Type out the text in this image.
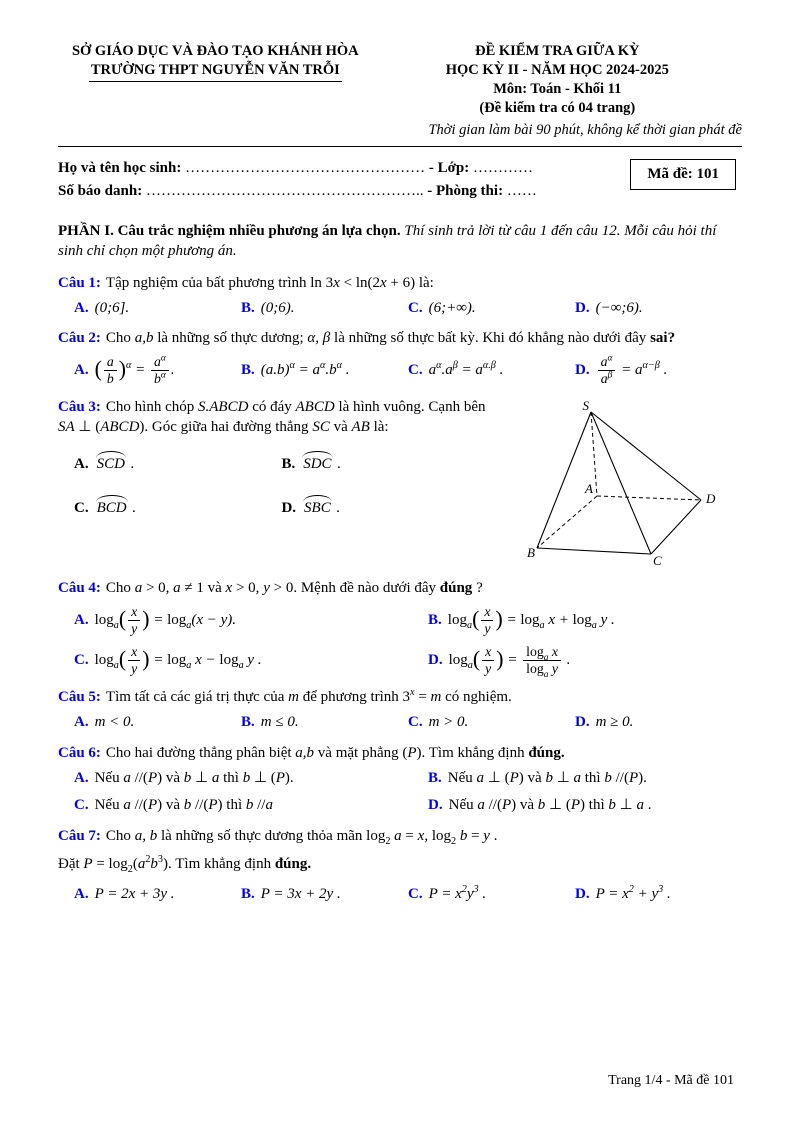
SỞ GIÁO DỤC VÀ ĐÀO TẠO KHÁNH HÒA
TRƯỜNG THPT NGUYỄN VĂN TRỖI
ĐỀ KIỂM TRA GIỮA KỲ
HỌC KỲ II - NĂM HỌC 2024-2025
Môn: Toán - Khối 11
(Đề kiểm tra có 04 trang)
Thời gian làm bài 90 phút, không kể thời gian phát đề

Họ và tên học sinh: ………………………………………… - Lớp: …………

Số báo danh: ……………………………………………….. - Phòng thi: ……

Mã đề: 101

PHẦN I. Câu trắc nghiệm nhiều phương án lựa chọn. Thí sinh trả lời từ câu 1 đến câu 12. Mỗi câu hỏi thí sinh chỉ chọn một phương án.

Câu 1: Tập nghiệm của bất phương trình ln 3x < ln(2x + 6) là:

A. (0;6].	B. (0;6).	C. (6;+∞).	D. (−∞;6).

Câu 2: Cho a,b là những số thực dương; α, β là những số thực bất kỳ. Khi đó khẳng nào dưới đây sai?

A. ( $\frac{a}{b} )^\alpha = \frac{a^\alpha}{b^\alpha}$ .	B. $(a.b)^\alpha = a^\alpha.b^\alpha$ .	C. $a^\alpha.a^\beta = a^{\alpha.\beta}$ .	D. $\frac{a^\alpha}{a^\beta} = a^{\alpha-\beta}$ .

Câu 3: Cho hình chóp S.ABCD có đáy ABCD là hình vuông. Cạnh bên SA ⊥ (ABCD). Góc giữa hai đường thẳng SC và AB là:

A. SCD .	B. SDC .
C. BCD .	D. SBC .
S
A
B
C
D

Câu 4: Cho a > 0, a ≠ 1 và x > 0, y > 0. Mệnh đề nào dưới đây đúng ?

A. $\log_a( \frac{x}{y}$ ) = $\log_a(x - y)$.	B. $\log_a( \frac{x}{y}$ ) = $\log_a x + \log_a y$ .
C. $\log_a( \frac{x}{y}$ ) = $\log_a x - \log_a y$ .	D. $\log_a( \frac{x}{y}$ ) = $\frac{\log_a x}{\log_a y}$ .

Câu 5: Tìm tất cả các giá trị thực của m để phương trình $3^x = m$ có nghiệm.

A. m < 0.	B. m ≤ 0.	C. m > 0.	D. m ≥ 0.

Câu 6: Cho hai đường thẳng phân biệt a,b và mặt phẳng (P). Tìm khẳng định đúng.

A. Nếu a //(P) và b ⊥ a thì b ⊥ (P).	B. Nếu a ⊥ (P) và b ⊥ a thì b //(P).
C. Nếu a //(P) và b //(P) thì b //a	D. Nếu a //(P) và b ⊥ (P) thì b ⊥ a .

Câu 7: Cho a, b là những số thực dương thỏa mãn $\log_2 a = x$, $\log_2 b = y$ .

Đặt $P = \log_2(a^2b^3)$. Tìm khẳng định đúng.

A. P = 2x + 3y .	B. P = 3x + 2y .	C. $P = x^2y^3$ .	D. $P = x^2 + y^3$ .
Trang 1/4 - Mã đề 101
